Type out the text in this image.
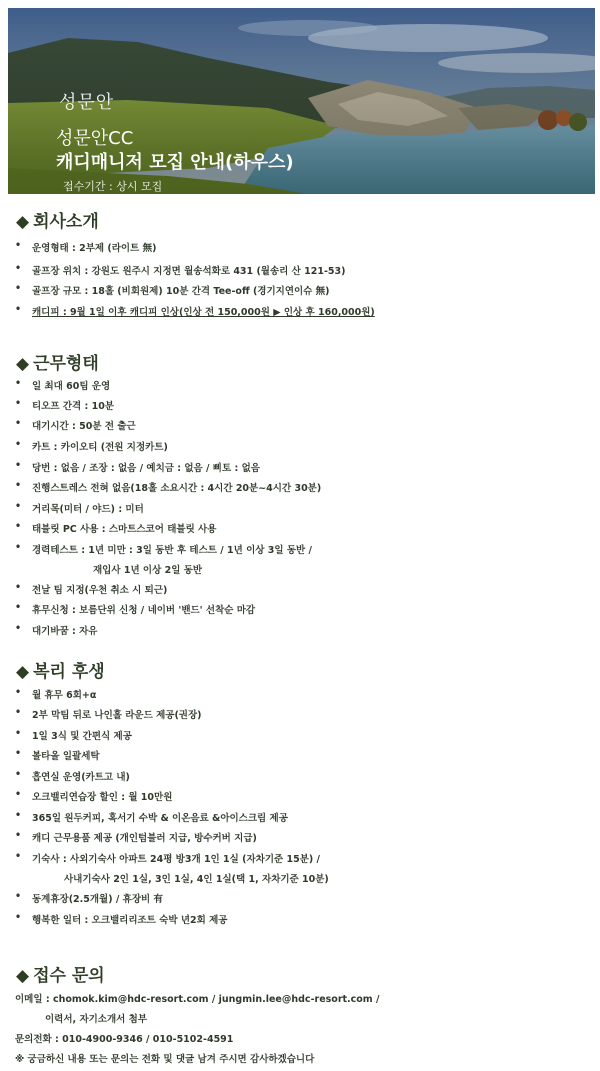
성문안
성문안CC
캐디매니저 모집 안내(하우스)
접수기간 : 상시 모집
◆ 회사소개
• 운영형태 : 2부제 (라이트 無)
• 골프장 위치 : 강원도 원주시 지정면 월송석화로 431 (월송리 산 121-53)
• 골프장 규모 : 18홀 (비회원제) 10분 간격 Tee-off (경기지연이슈 無)
• 캐디피 : 9월 1일 이후 캐디피 인상(인상 전 150,000원 ▶ 인상 후 160,000원)
◆ 근무형태
• 일 최대 60팀 운영
• 티오프 간격 : 10분
• 대기시간 : 50분 전 출근
• 카트 : 카이오티 (전원 지정카트)
• 당번 : 없음 / 조장 : 없음 / 예치금 : 없음 / 삐토 : 없음
• 진행스트레스 전혀 없음(18홀 소요시간 : 4시간 20분~4시간 30분)
• 거리목(미터 / 야드) : 미터
• 태블릿 PC 사용 : 스마트스코어 태블릿 사용
• 경력테스트 : 1년 미만 : 3일 동반 후 테스트 / 1년 이상 3일 동반 /
재입사 1년 이상 2일 동반
• 전날 팀 지정(우천 취소 시 퇴근)
• 휴무신청 : 보름단위 신청 / 네이버 '밴드' 선착순 마감
• 대기바꿈 : 자유
◆ 복리 후생
• 월 휴무 6회+α
• 2부 막팀 뒤로 나인홀 라운드 제공(권장)
• 1일 3식 및 간편식 제공
• 볼타올 일괄세탁
• 흡연실 운영(카트고 내)
• 오크밸리연습장 할인 : 월 10만원
• 365일 원두커피, 혹서기 수박 & 이온음료 &아이스크림 제공
• 캐디 근무용품 제공 (개인텀블러 지급, 방수커버 지급)
• 기숙사 : 사외기숙사 아파트 24평 방3개 1인 1실 (자차기준 15분) /
사내기숙사 2인 1실, 3인 1실, 4인 1실(택 1, 자차기준 10분)
• 동계휴장(2.5개월) / 휴장비 有
• 행복한 일터 : 오크밸리리조트 숙박 년2회 제공
◆ 접수 문의
이메일 : chomok.kim@hdc-resort.com / jungmin.lee@hdc-resort.com /
이력서, 자기소개서 첨부
문의전화 : 010-4900-9346 / 010-5102-4591
※ 궁금하신 내용 또는 문의는 전화 및 댓글 남겨 주시면 감사하겠습니다
